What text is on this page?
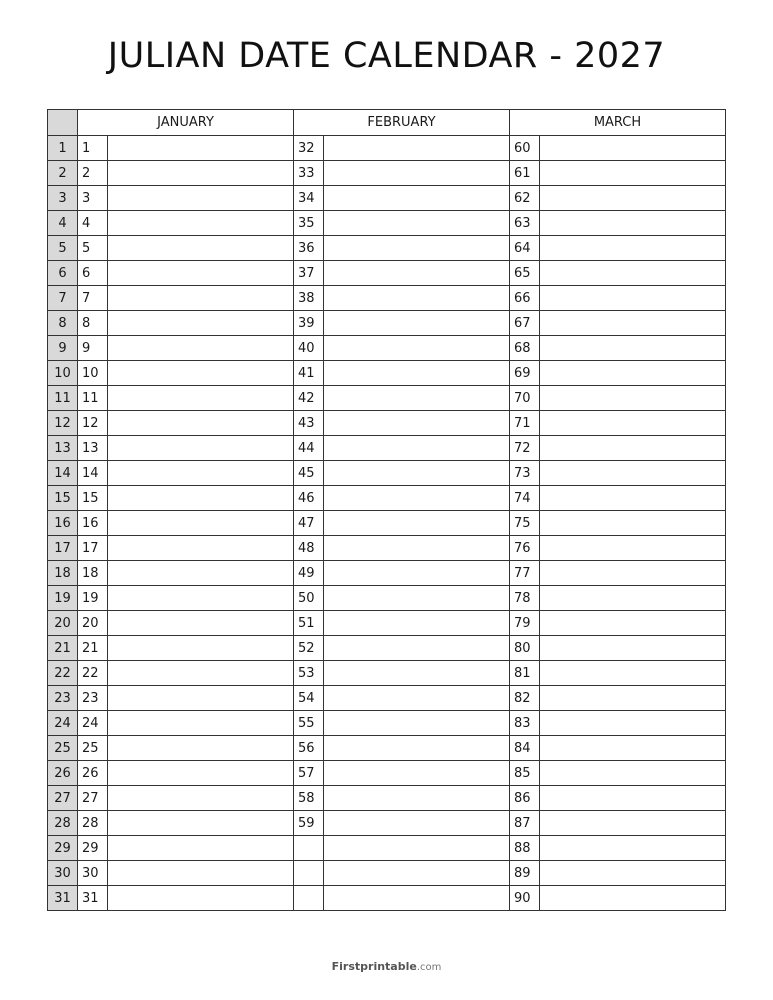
JULIAN DATE CALENDAR - 2027
	JANUARY		FEBRUARY		MARCH	
1	1		32		60	
2	2		33		61	
3	3		34		62	
4	4		35		63	
5	5		36		64	
6	6		37		65	
7	7		38		66	
8	8		39		67	
9	9		40		68	
10	10		41		69	
11	11		42		70	
12	12		43		71	
13	13		44		72	
14	14		45		73	
15	15		46		74	
16	16		47		75	
17	17		48		76	
18	18		49		77	
19	19		50		78	
20	20		51		79	
21	21		52		80	
22	22		53		81	
23	23		54		82	
24	24		55		83	
25	25		56		84	
26	26		57		85	
27	27		58		86	
28	28		59		87	
29	29				88	
30	30				89	
31	31				90	
Firstprintable.com
